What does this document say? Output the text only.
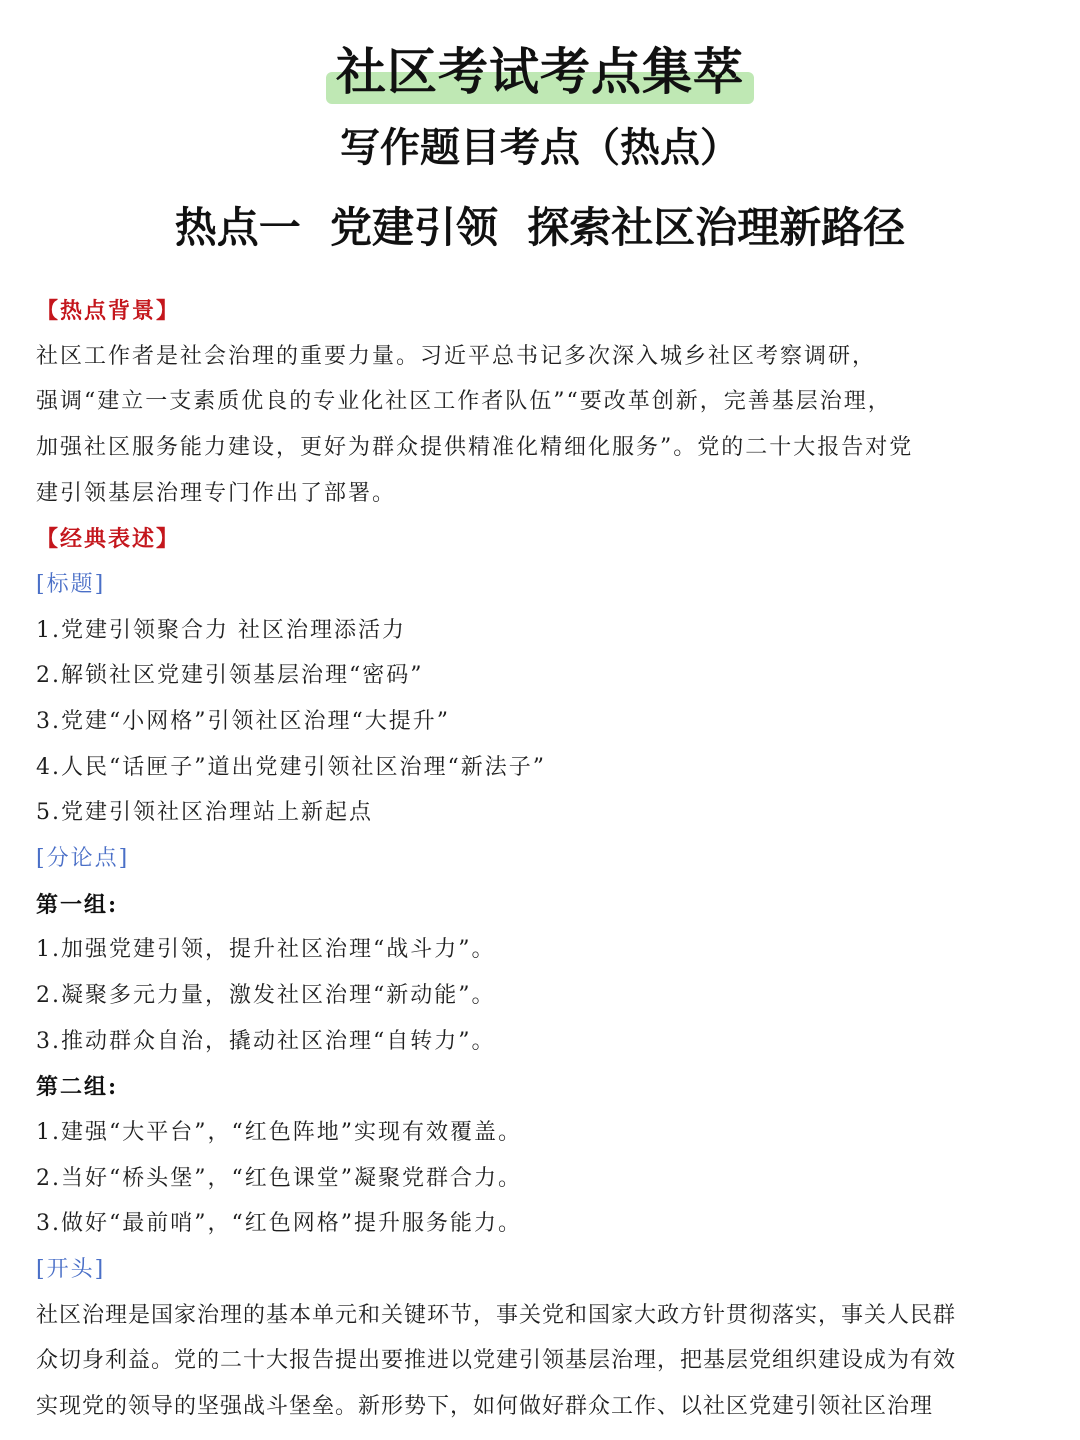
社区考试考点集萃
写作题目考点（热点）
热点一  党建引领  探索社区治理新路径
【热点背景】
社区工作者是社会治理的重要力量。习近平总书记多次深入城乡社区考察调研，
强调“建立一支素质优良的专业化社区工作者队伍”“要改革创新，完善基层治理，
加强社区服务能力建设，更好为群众提供精准化精细化服务”。党的二十大报告对党
建引领基层治理专门作出了部署。
【经典表述】
[标题]
1.党建引领聚合力 社区治理添活力
2.解锁社区党建引领基层治理“密码”
3.党建“小网格”引领社区治理“大提升”
4.人民“话匣子”道出党建引领社区治理“新法子”
5.党建引领社区治理站上新起点
[分论点]
第一组:
1.加强党建引领，提升社区治理“战斗力”。
2.凝聚多元力量，激发社区治理“新动能”。
3.推动群众自治，撬动社区治理“自转力”。
第二组:
1.建强“大平台”，“红色阵地”实现有效覆盖。
2.当好“桥头堡”，“红色课堂”凝聚党群合力。
3.做好“最前哨”，“红色网格”提升服务能力。
[开头]
社区治理是国家治理的基本单元和关键环节，事关党和国家大政方针贯彻落实，事关人民群
众切身利益。党的二十大报告提出要推进以党建引领基层治理，把基层党组织建设成为有效
实现党的领导的坚强战斗堡垒。新形势下，如何做好群众工作、以社区党建引领社区治理
